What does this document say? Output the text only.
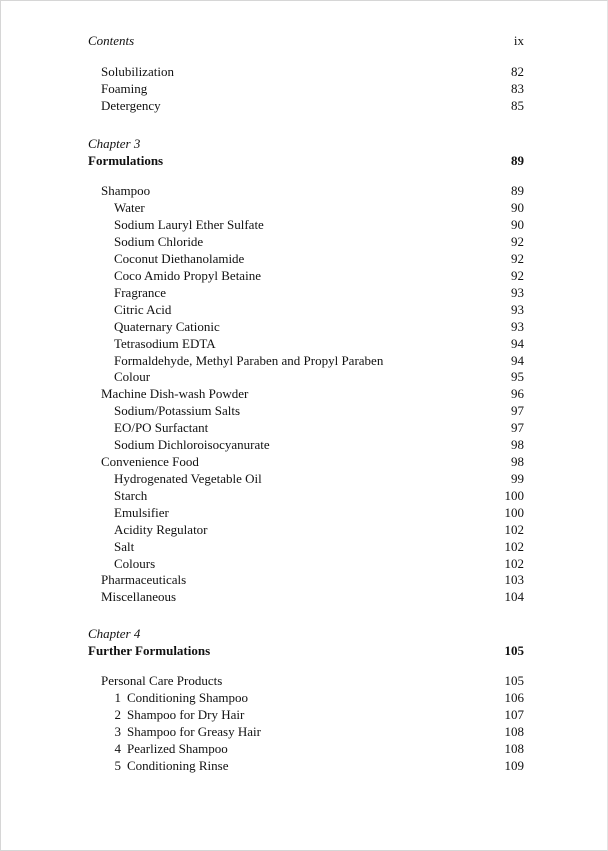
Contents	ix
Solubilization	82
Foaming	83
Detergency	85
Chapter 3
Formulations	89
Shampoo	89
Water	90
Sodium Lauryl Ether Sulfate	90
Sodium Chloride	92
Coconut Diethanolamide	92
Coco Amido Propyl Betaine	92
Fragrance	93
Citric Acid	93
Quaternary Cationic	93
Tetrasodium EDTA	94
Formaldehyde, Methyl Paraben and Propyl Paraben	94
Colour	95
Machine Dish-wash Powder	96
Sodium/Potassium Salts	97
EO/PO Surfactant	97
Sodium Dichloroisocyanurate	98
Convenience Food	98
Hydrogenated Vegetable Oil	99
Starch	100
Emulsifier	100
Acidity Regulator	102
Salt	102
Colours	102
Pharmaceuticals	103
Miscellaneous	104
Chapter 4
Further Formulations	105
Personal Care Products	105
1 Conditioning Shampoo	106
2 Shampoo for Dry Hair	107
3 Shampoo for Greasy Hair	108
4 Pearlized Shampoo	108
5 Conditioning Rinse	109
